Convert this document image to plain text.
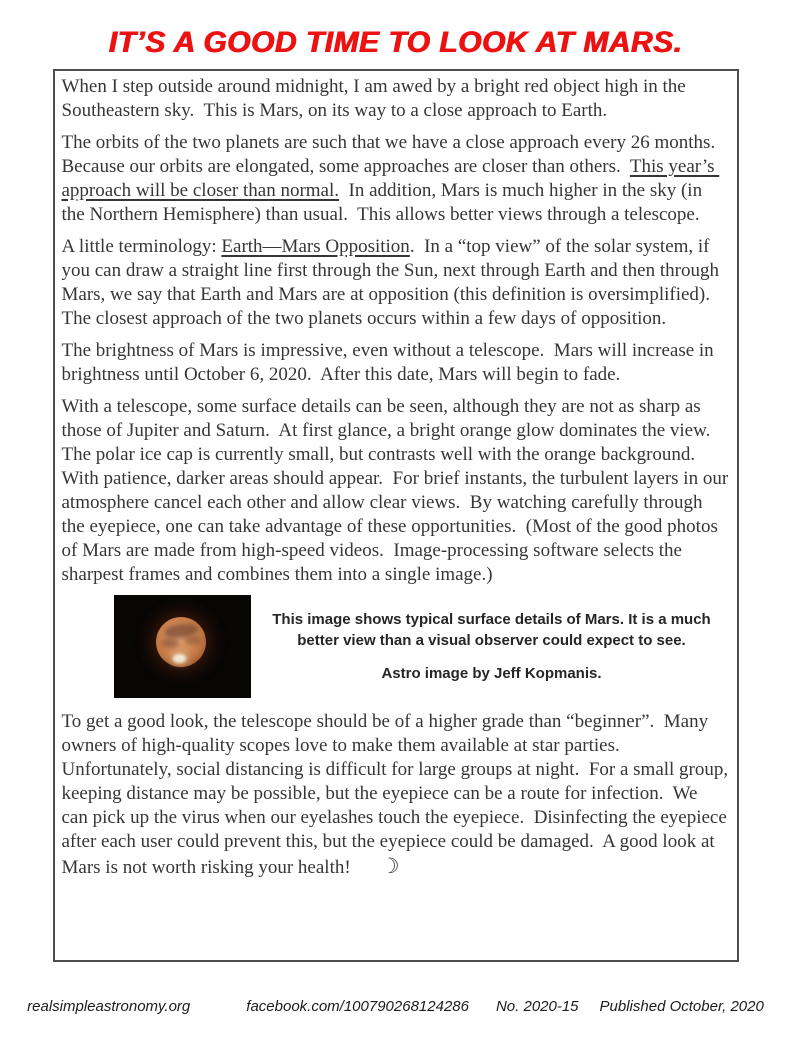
IT’S A GOOD TIME TO LOOK AT MARS.

When I step outside around midnight, I am awed by a bright red object high in the Southeastern sky.  This is Mars, on its way to a close approach to Earth.

The orbits of the two planets are such that we have a close approach every 26 months.  Because our orbits are elongated, some approaches are closer than others.  This year’s approach will be closer than normal.  In addition, Mars is much higher in the sky (in the Northern Hemisphere) than usual.  This allows better views through a telescope.

A little terminology: Earth—Mars Opposition.  In a “top view” of the solar system, if you can draw a straight line first through the Sun, next through Earth and then through Mars, we say that Earth and Mars are at opposition (this definition is oversimplified).  The closest approach of the two planets occurs within a few days of opposition.

The brightness of Mars is impressive, even without a telescope.  Mars will increase in brightness until October 6, 2020.  After this date, Mars will begin to fade.

With a telescope, some surface details can be seen, although they are not as sharp as those of Jupiter and Saturn.  At first glance, a bright orange glow dominates the view.  The polar ice cap is currently small, but contrasts well with the orange background.  With patience, darker areas should appear.  For brief instants, the turbulent layers in our atmosphere cancel each other and allow clear views.  By watching carefully through the eyepiece, one can take advantage of these opportunities.  (Most of the good photos of Mars are made from high-speed videos.  Image-processing software selects the sharpest frames and combines them into a single image.)

This image shows typical surface details of Mars. It is a much better view than a visual observer could expect to see.

Astro image by Jeff Kopmanis.

To get a good look, the telescope should be of a higher grade than “beginner”.  Many owners of high-quality scopes love to make them available at star parties.  Unfortunately, social distancing is difficult for large groups at night.  For a small group, keeping distance may be possible, but the eyepiece can be a route for infection.  We can pick up the virus when our eyelashes touch the eyepiece.  Disinfecting the eyepiece after each user could prevent this, but the eyepiece could be damaged.  A good look at Mars is not worth risking your health! ☽

realsimpleastronomy.org	facebook.com/100790268124286 No. 2020-15 Published October, 2020
